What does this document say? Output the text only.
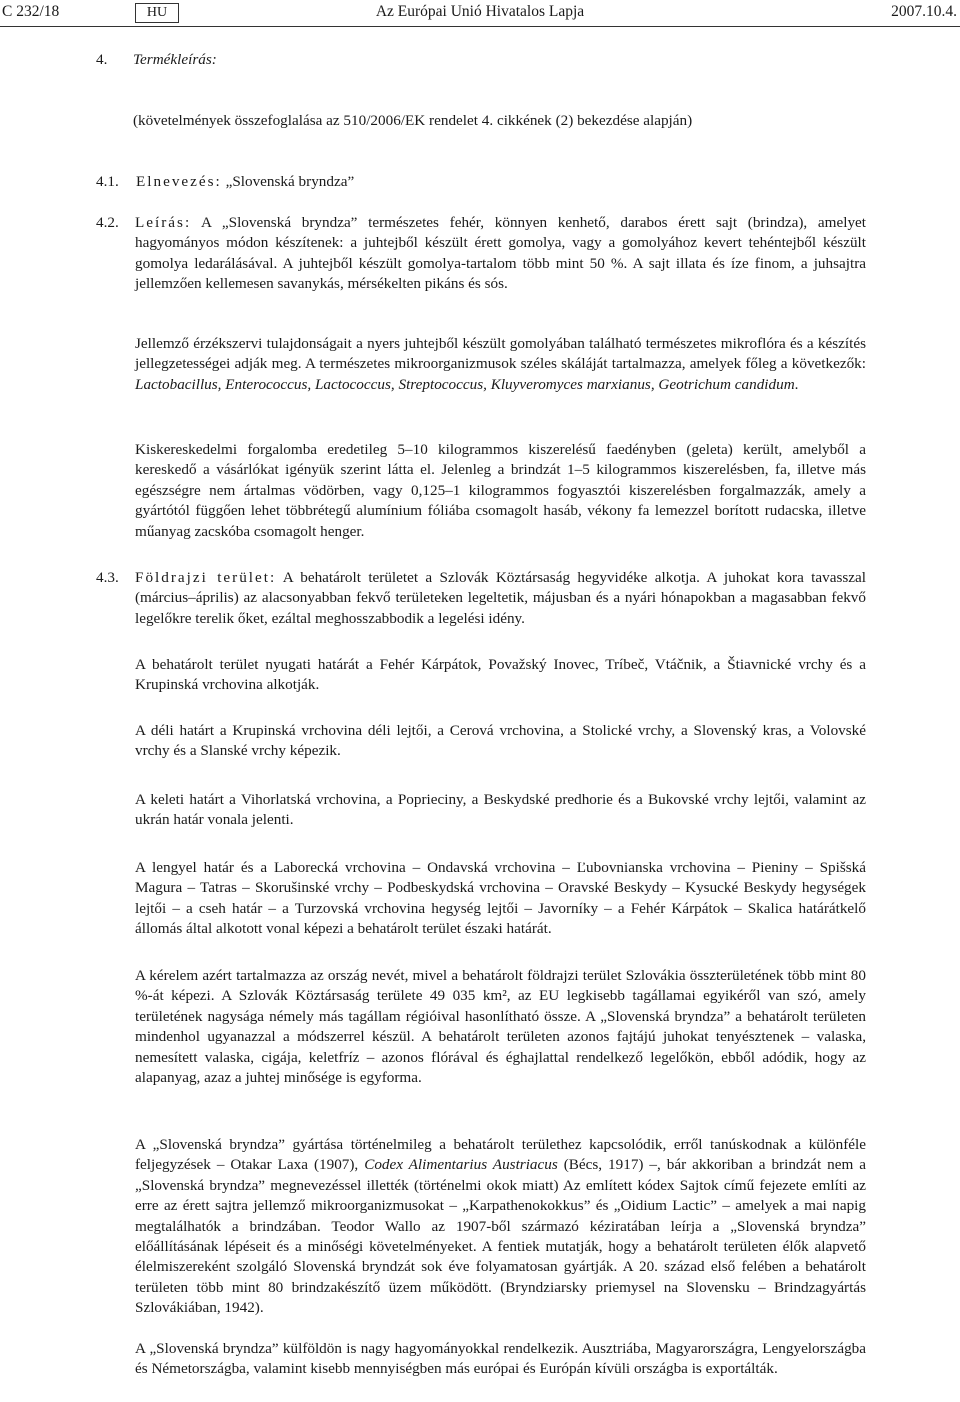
C 232/18	HU	Az Európai Unió Hivatalos Lapja	2007.10.4.
4. Termékleírás:
(követelmények összefoglalása az 510/2006/EK rendelet 4. cikkének (2) bekezdése alapján)
4.1. Elnevezés: „Slovenská bryndza”
4.2. Leírás: A „Slovenská bryndza” természetes fehér, könnyen kenhető, darabos érett sajt (brindza), amelyet hagyományos módon készítenek: a juhtejből készült érett gomolya, vagy a gomolyához kevert tehéntejből készült gomolya ledarálásával. A juhtejből készült gomolya-tartalom több mint 50 %. A sajt illata és íze finom, a juhsajtra jellemzően kellemesen savanykás, mérsékelten pikáns és sós.
Jellemző érzékszervi tulajdonságait a nyers juhtejből készült gomolyában található természetes mikroflóra és a készítés jellegzetességei adják meg. A természetes mikroorganizmusok széles skáláját tartalmazza, amelyek főleg a következők: Lactobacillus, Enterococcus, Lactococcus, Streptococcus, Kluyveromyces marxianus, Geotrichum candidum.
Kiskereskedelmi forgalomba eredetileg 5–10 kilogrammos kiszerelésű faedényben (geleta) került, amelyből a kereskedő a vásárlókat igényük szerint látta el. Jelenleg a brindzát 1–5 kilogrammos kiszerelésben, fa, illetve más egészségre nem ártalmas vödörben, vagy 0,125–1 kilogrammos fogyasztói kiszerelésben forgalmazzák, amely a gyártótól függően lehet többrétegű alumínium fóliába csomagolt hasáb, vékony fa lemezzel borított rudacska, illetve műanyag zacskóba csomagolt henger.
4.3. Földrajzi terület: A behatárolt területet a Szlovák Köztársaság hegyvidéke alkotja. A juhokat kora tavasszal (március–április) az alacsonyabban fekvő területeken legeltetik, májusban és a nyári hónapokban a magasabban fekvő legelőkre terelik őket, ezáltal meghosszabbodik a legelési idény.
A behatárolt terület nyugati határát a Fehér Kárpátok, Považský Inovec, Tríbeč, Vtáčnik, a Štiavnické vrchy és a Krupinská vrchovina alkotják.
A déli határt a Krupinská vrchovina déli lejtői, a Cerová vrchovina, a Stolické vrchy, a Slovenský kras, a Volovské vrchy és a Slanské vrchy képezik.
A keleti határt a Vihorlatská vrchovina, a Poprieciny, a Beskydské predhorie és a Bukovské vrchy lejtői, valamint az ukrán határ vonala jelenti.
A lengyel határ és a Laborecká vrchovina – Ondavská vrchovina – Ľubovnianska vrchovina – Pieniny – Spišská Magura – Tatras – Skorušinské vrchy – Podbeskydská vrchovina – Oravské Beskydy – Kysucké Beskydy hegységek lejtői – a cseh határ – a Turzovská vrchovina hegység lejtői – Javorníky – a Fehér Kárpátok – Skalica határátkelő állomás által alkotott vonal képezi a behatárolt terület északi határát.
A kérelem azért tartalmazza az ország nevét, mivel a behatárolt földrajzi terület Szlovákia összterületének több mint 80 %-át képezi. A Szlovák Köztársaság területe 49 035 km², az EU legkisebb tagállamai egyikéről van szó, amely területének nagysága némely más tagállam régióival hasonlítható össze. A „Slovenská bryndza” a behatárolt területen mindenhol ugyanazzal a módszerrel készül. A behatárolt területen azonos fajtájú juhokat tenyésztenek – valaska, nemesített valaska, cigája, keletfríz – azonos flórával és éghajlattal rendelkező legelőkön, ebből adódik, hogy az alapanyag, azaz a juhtej minősége is egyforma.
A „Slovenská bryndza” gyártása történelmileg a behatárolt területhez kapcsolódik, erről tanúskodnak a különféle feljegyzések – Otakar Laxa (1907), Codex Alimentarius Austriacus (Bécs, 1917) –, bár akkoriban a brindzát nem a „Slovenská bryndza” megnevezéssel illették (történelmi okok miatt) Az említett kódex Sajtok című fejezete említi az erre az érett sajtra jellemző mikroorganizmusokat – „Karpathenokokkus” és „Oidium Lactic” – amelyek a mai napig megtalálhatók a brindzában. Teodor Wallo az 1907-ből származó kéziratában leírja a „Slovenská bryndza” előállításának lépéseit és a minőségi követelményeket. A fentiek mutatják, hogy a behatárolt területen élők alapvető élelmiszereként szolgáló Slovenská bryndzát sok éve folyamatosan gyártják. A 20. század első felében a behatárolt területen több mint 80 brindzakészítő üzem működött. (Bryndziarsky priemysel na Slovensku – Brindzagyártás Szlovákiában, 1942).
A „Slovenská bryndza” külföldön is nagy hagyományokkal rendelkezik. Ausztriába, Magyarországra, Lengyelországba és Németországba, valamint kisebb mennyiségben más európai és Európán kívüli országba is exportálták.
